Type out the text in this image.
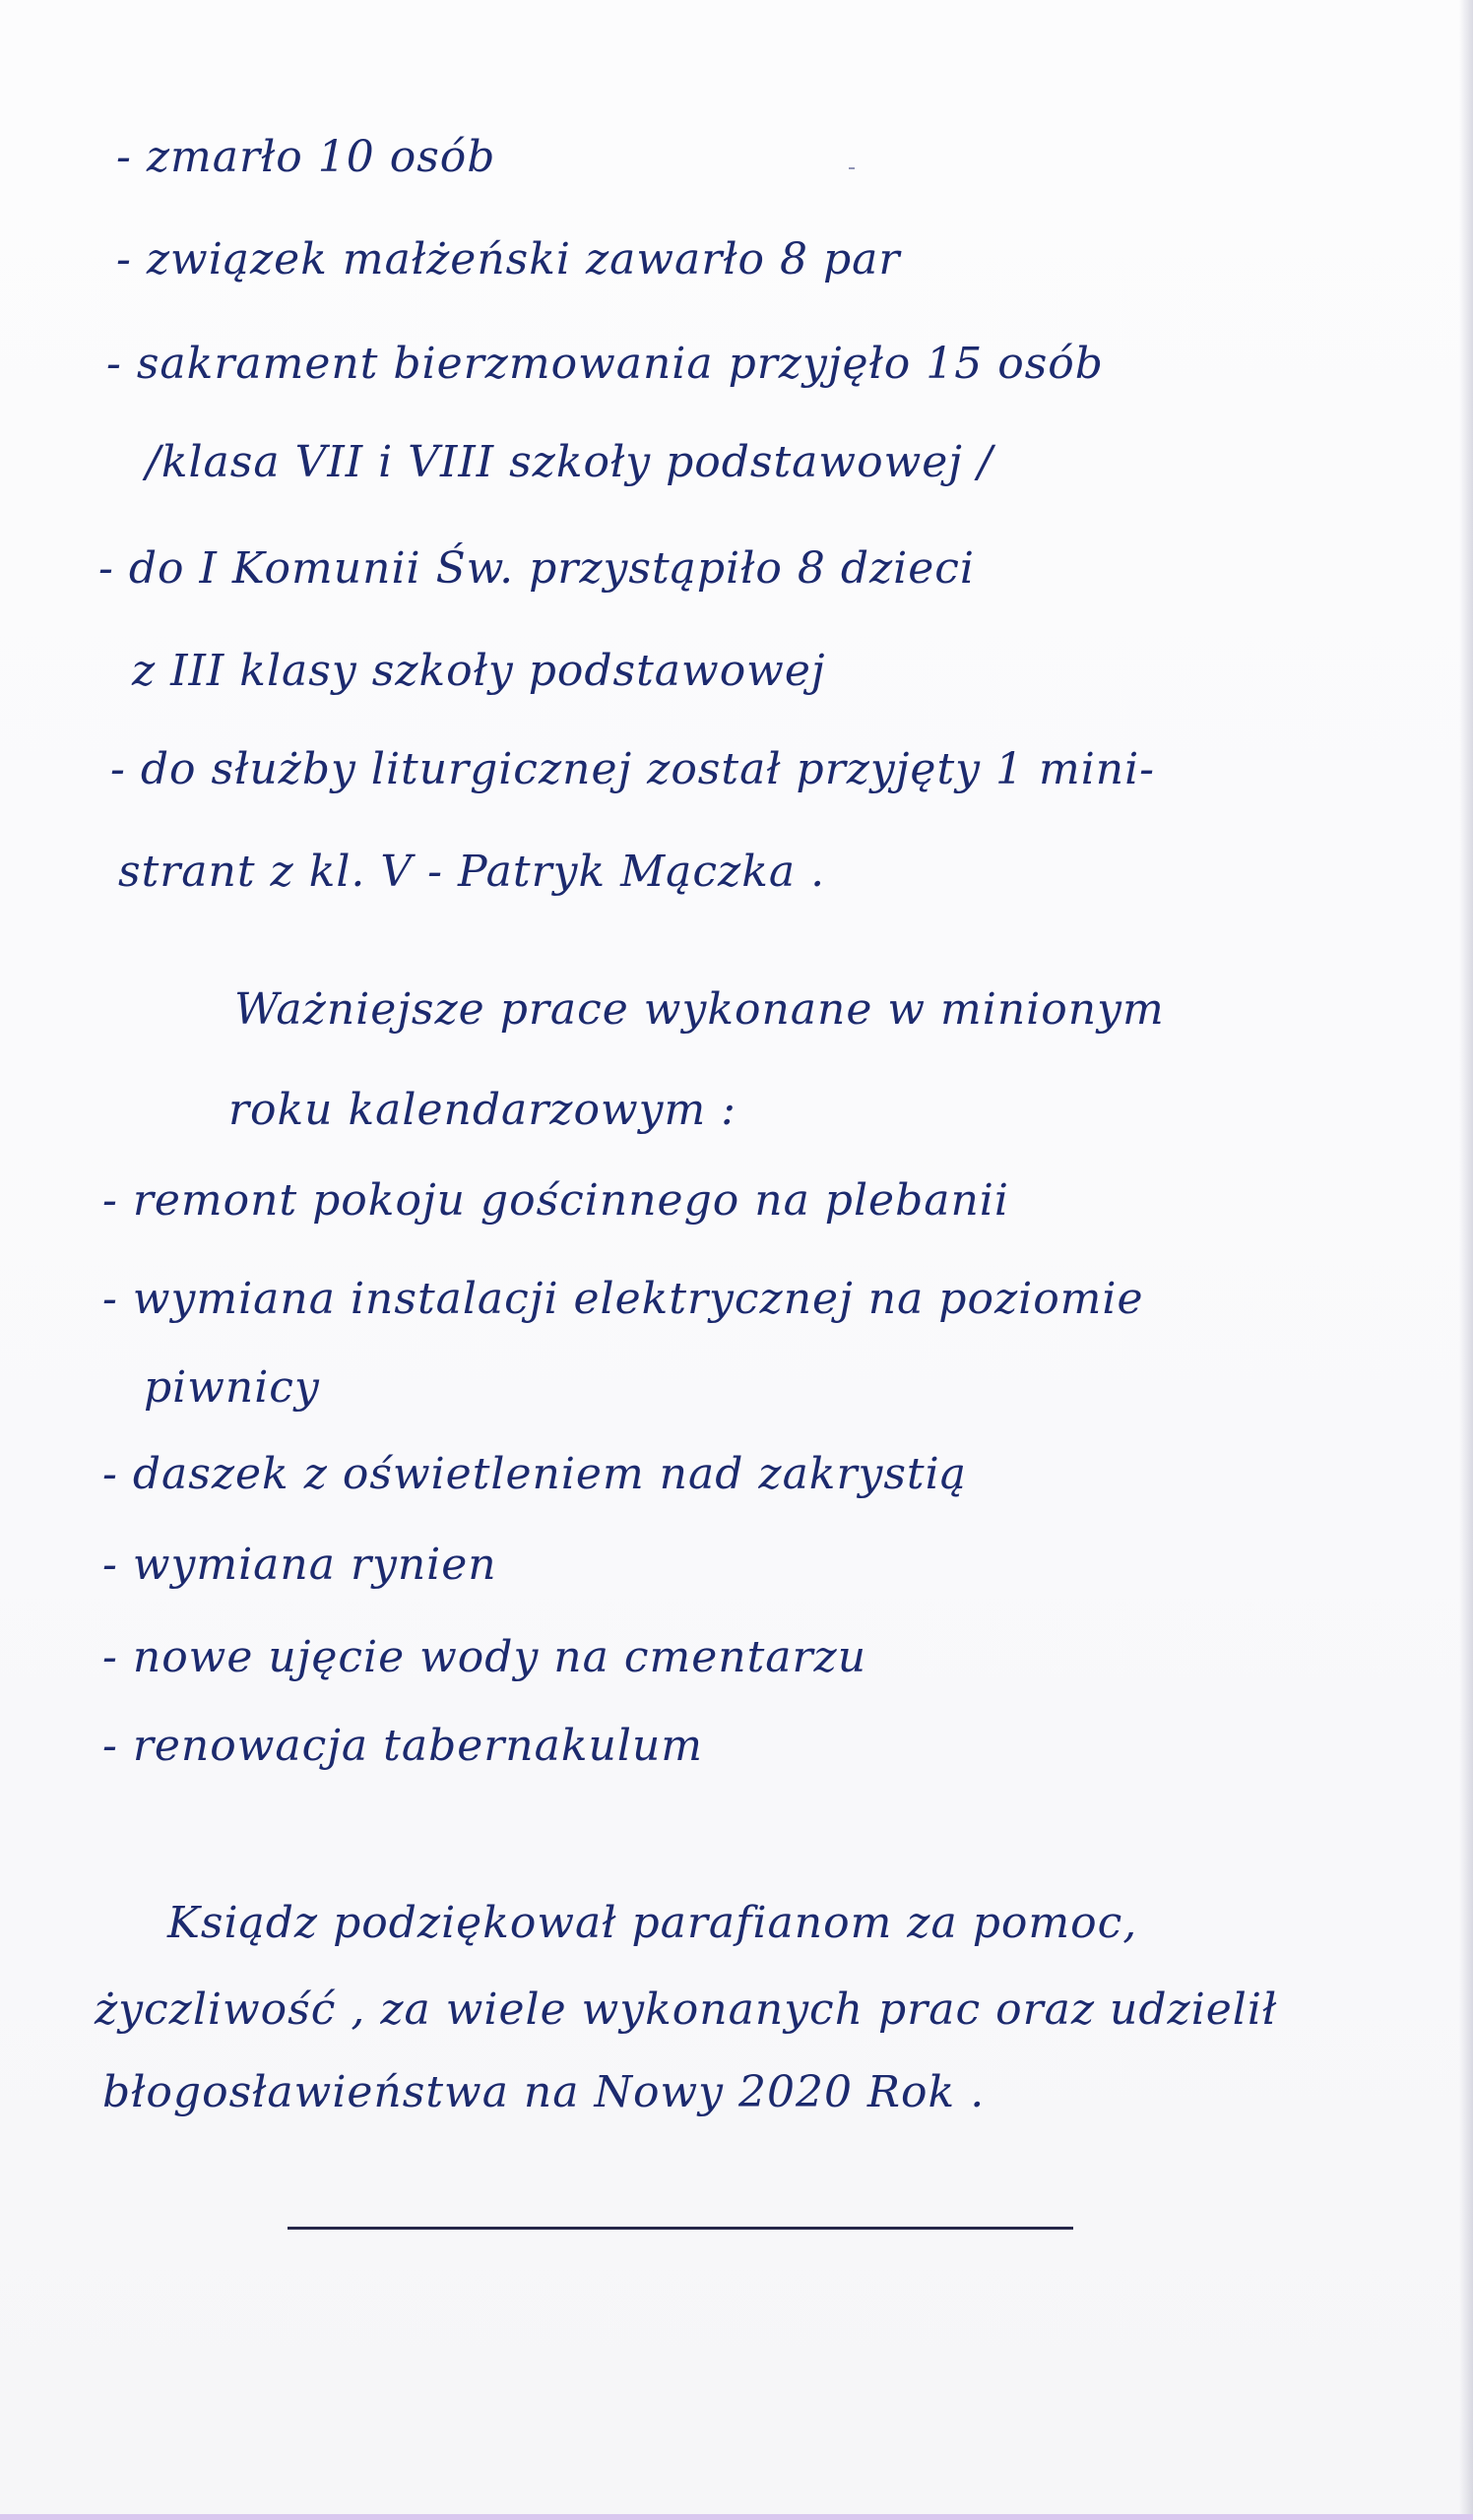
- zmarło 10 osób
- związek małżeński zawarło 8 par
- sakrament bierzmowania przyjęło 15 osób
/klasa VII i VIII szkoły podstawowej /
- do I Komunii Św. przystąpiło 8 dzieci
z III klasy szkoły podstawowej
- do służby liturgicznej został przyjęty 1 mini-
strant z kl. V - Patryk Mączka .
Ważniejsze prace wykonane w minionym
roku kalendarzowym :
- remont pokoju gościnnego na plebanii
- wymiana instalacji elektrycznej na poziomie
piwnicy
- daszek z oświetleniem nad zakrystią
- wymiana rynien
- nowe ujęcie wody na cmentarzu
- renowacja tabernakulum
Ksiądz podziękował parafianom za pomoc,
życzliwość , za wiele wykonanych prac oraz udzielił
błogosławieństwa na Nowy 2020 Rok .
